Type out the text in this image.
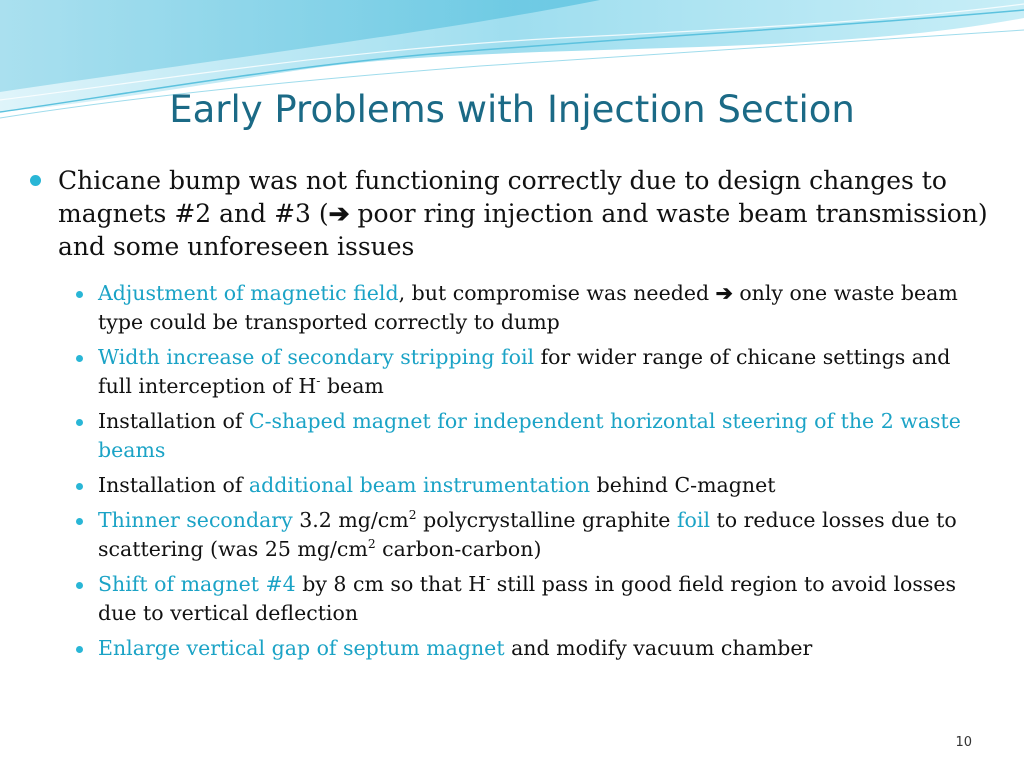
Early Problems with Injection Section
Chicane bump was not functioning correctly due to design changes to magnets #2 and #3 (➔ poor ring injection and waste beam transmission) and some unforeseen issues
Adjustment of magnetic field, but compromise was needed ➔ only one waste beam type could be transported correctly to dump
Width increase of secondary stripping foil for wider range of chicane settings and full interception of H- beam
Installation of C-shaped magnet for independent horizontal steering of the 2 waste beams
Installation of additional beam instrumentation behind C-magnet
Thinner secondary 3.2 $mg/cm^2$ polycrystalline graphite foil to reduce losses due to scattering (was 25 $mg/cm^2$ carbon-carbon)
Shift of magnet #4 by 8 cm so that H- still pass in good field region to avoid losses due to vertical deflection
Enlarge vertical gap of septum magnet and modify vacuum chamber
10
